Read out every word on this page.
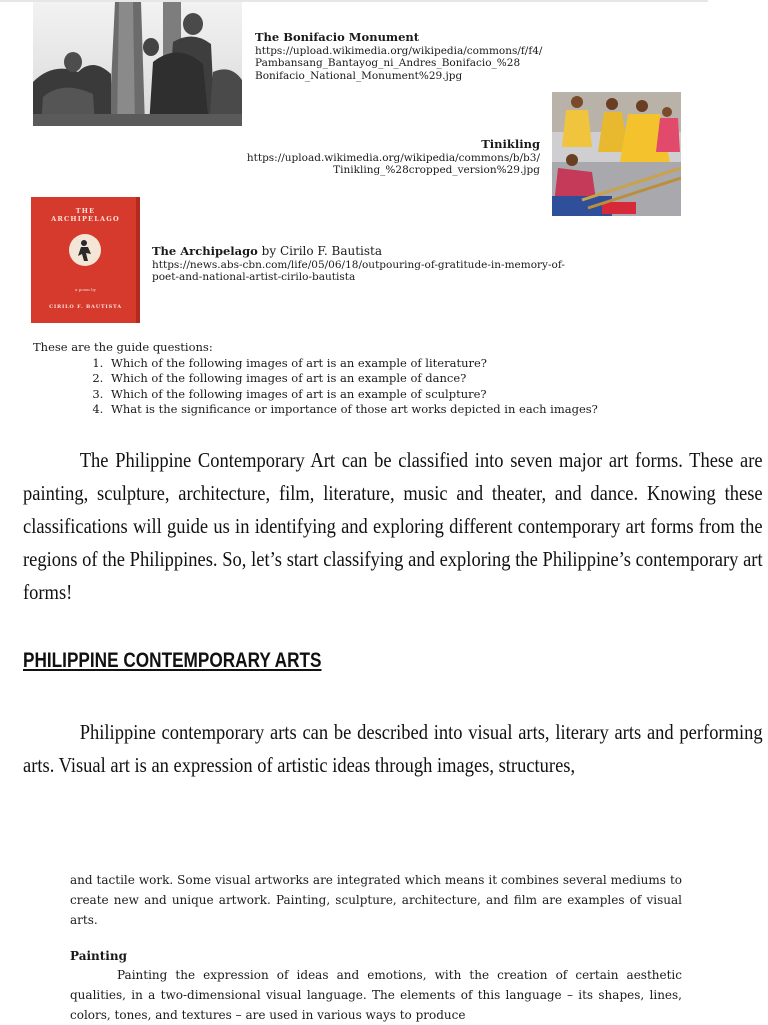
The Bonifacio Monument
https://upload.wikimedia.org/wikipedia/commons/f/f4/
Pambansang_Bantayog_ni_Andres_Bonifacio_%28
Bonifacio_National_Monument%29.jpg
Tinikling
https://upload.wikimedia.org/wikipedia/commons/b/b3/
Tinikling_%28cropped_version%29.jpg
THE
ARCHIPELAGO
a poem by
CIRILO F. BAUTISTA
The Archipelago by Cirilo F. Bautista
https://news.abs-cbn.com/life/05/06/18/outpouring-of-gratitude-in-memory-of-
poet-and-national-artist-cirilo-bautista
These are the guide questions:
1. Which of the following images of art is an example of literature?
2. Which of the following images of art is an example of dance?
3. Which of the following images of art is an example of sculpture?
4. What is the significance or importance of those art works depicted in each images?
The Philippine Contemporary Art can be classified into seven major art forms. These are painting, sculpture, architecture, film, literature, music and theater, and dance. Knowing these classifications will guide us in identifying and exploring different contemporary art forms from the regions of the Philippines. So, let’s start classifying and exploring the Philippine’s contemporary art forms!
PHILIPPINE CONTEMPORARY ARTS
Philippine contemporary arts can be described into visual arts, literary arts and performing arts. Visual art is an expression of artistic ideas through images, structures,
and tactile work. Some visual artworks are integrated which means it combines several mediums to create new and unique artwork. Painting, sculpture, architecture, and film are examples of visual arts.
Painting

Painting the expression of ideas and emotions, with the creation of certain aesthetic qualities, in a two-dimensional visual language. The elements of this language – its shapes, lines, colors, tones, and textures – are used in various ways to produce
